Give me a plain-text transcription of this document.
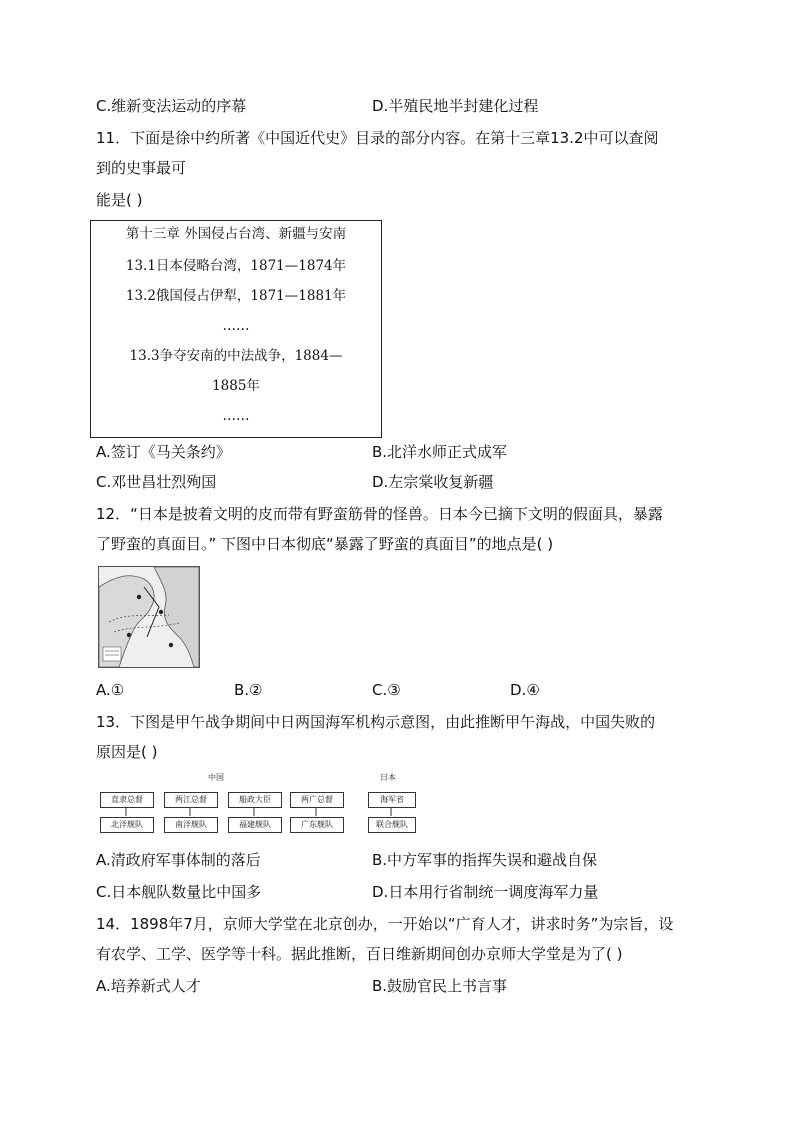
C.维新变法运动的序幕	D.半殖民地半封建化过程
11．下面是徐中约所著《中国近代史》目录的部分内容。在第十三章13.2中可以查阅
到的史事最可
能是( )
第十三章 外国侵占台湾、新疆与安南
13.1日本侵略台湾，1871—1874年
13.2俄国侵占伊犁，1871—1881年
……
13.3争夺安南的中法战争，1884—
1885年
……
A.签订《马关条约》	B.北洋水师正式成军
C.邓世昌壮烈殉国	D.左宗棠收复新疆
12．“日本是披着文明的皮而带有野蛮筋骨的怪兽。日本今已摘下文明的假面具，暴露
了野蛮的真面目。” 下图中日本彻底“暴露了野蛮的真面目”的地点是( )
A.①	B.②	C.③	D.④
13．下图是甲午战争期间中日两国海军机构示意图，由此推断甲午海战，中国失败的
原因是( )
中国	日本
直隶总督	两江总督	船政大臣	两广总督
北洋舰队	南洋舰队	福建舰队	广东舰队
海军省
联合舰队
A.清政府军事体制的落后	B.中方军事的指挥失误和避战自保
C.日本舰队数量比中国多	D.日本用行省制统一调度海军力量
14．1898年7月，京师大学堂在北京创办，一开始以“广育人才，讲求时务”为宗旨，设
有农学、工学、医学等十科。据此推断，百日维新期间创办京师大学堂是为了( )
A.培养新式人才	B.鼓励官民上书言事
